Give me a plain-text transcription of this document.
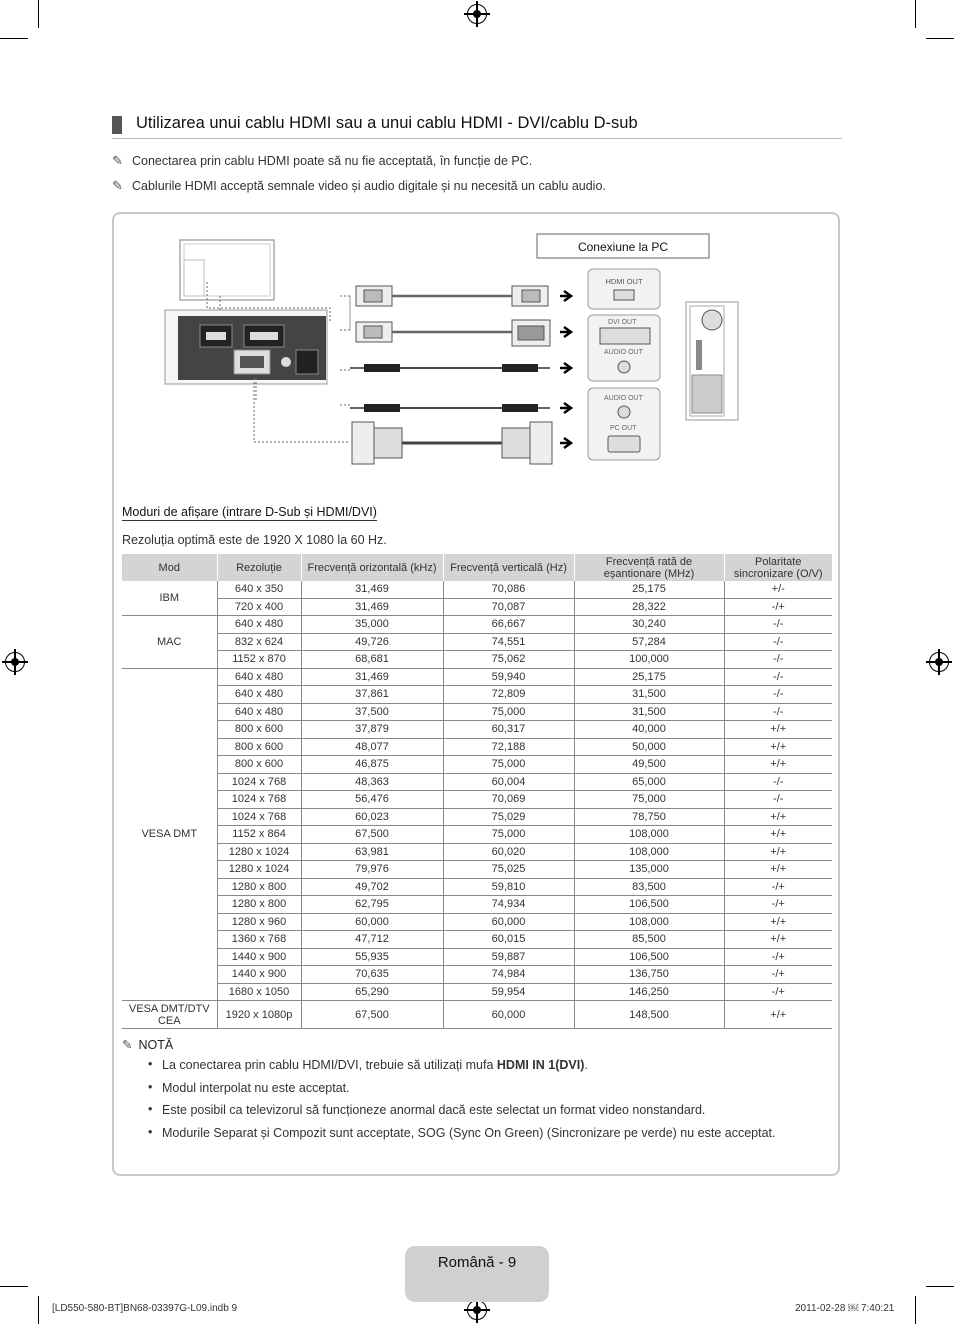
Utilizarea unui cablu HDMI sau a unui cablu HDMI - DVI/cablu D-sub
✎ Conectarea prin cablu HDMI poate să nu fie acceptată, în funcție de PC.
✎ Cablurile HDMI acceptă semnale video și audio digitale și nu necesită un cablu audio.
Conexiune la PC
HDMI OUT
DVI OUT
AUDIO OUT
AUDIO OUT
PC OUT
Moduri de afișare (intrare D-Sub și HDMI/DVI)
Rezoluția optimă este de 1920 X 1080 la 60 Hz.
Mod	Rezoluție	Frecvență orizontală (kHz)	Frecvență verticală (Hz)	Frecvență rată de eșantionare (MHz)	Polaritate sincronizare (O/V)
IBM	640 x 350	31,469	70,086	25,175	+/-
	720 x 400	31,469	70,087	28,322	-/+
MAC	640 x 480	35,000	66,667	30,240	-/-
	832 x 624	49,726	74,551	57,284	-/-
	1152 x 870	68,681	75,062	100,000	-/-
VESA DMT	640 x 480	31,469	59,940	25,175	-/-
	640 x 480	37,861	72,809	31,500	-/-
	640 x 480	37,500	75,000	31,500	-/-
	800 x 600	37,879	60,317	40,000	+/+
	800 x 600	48,077	72,188	50,000	+/+
	800 x 600	46,875	75,000	49,500	+/+
	1024 x 768	48,363	60,004	65,000	-/-
	1024 x 768	56,476	70,069	75,000	-/-
	1024 x 768	60,023	75,029	78,750	+/+
	1152 x 864	67,500	75,000	108,000	+/+
	1280 x 1024	63,981	60,020	108,000	+/+
	1280 x 1024	79,976	75,025	135,000	+/+
	1280 x 800	49,702	59,810	83,500	-/+
	1280 x 800	62,795	74,934	106,500	-/+
	1280 x 960	60,000	60,000	108,000	+/+
	1360 x 768	47,712	60,015	85,500	+/+
	1440 x 900	55,935	59,887	106,500	-/+
	1440 x 900	70,635	74,984	136,750	-/+
	1680 x 1050	65,290	59,954	146,250	-/+
VESA DMT/DTV CEA	1920 x 1080p	67,500	60,000	148,500	+/+
✎ NOTĂ
• La conectarea prin cablu HDMI/DVI, trebuie să utilizați mufa HDMI IN 1(DVI).
• Modul interpolat nu este acceptat.
• Este posibil ca televizorul să funcționeze anormal dacă este selectat un format video nonstandard.
• Modurile Separat și Compozit sunt acceptate, SOG (Sync On Green) (Sincronizare pe verde) nu este acceptat.
Română - 9
[LD550-580-BT]BN68-03397G-L09.indb 9	2011-02-28 ￼ 7:40:21
